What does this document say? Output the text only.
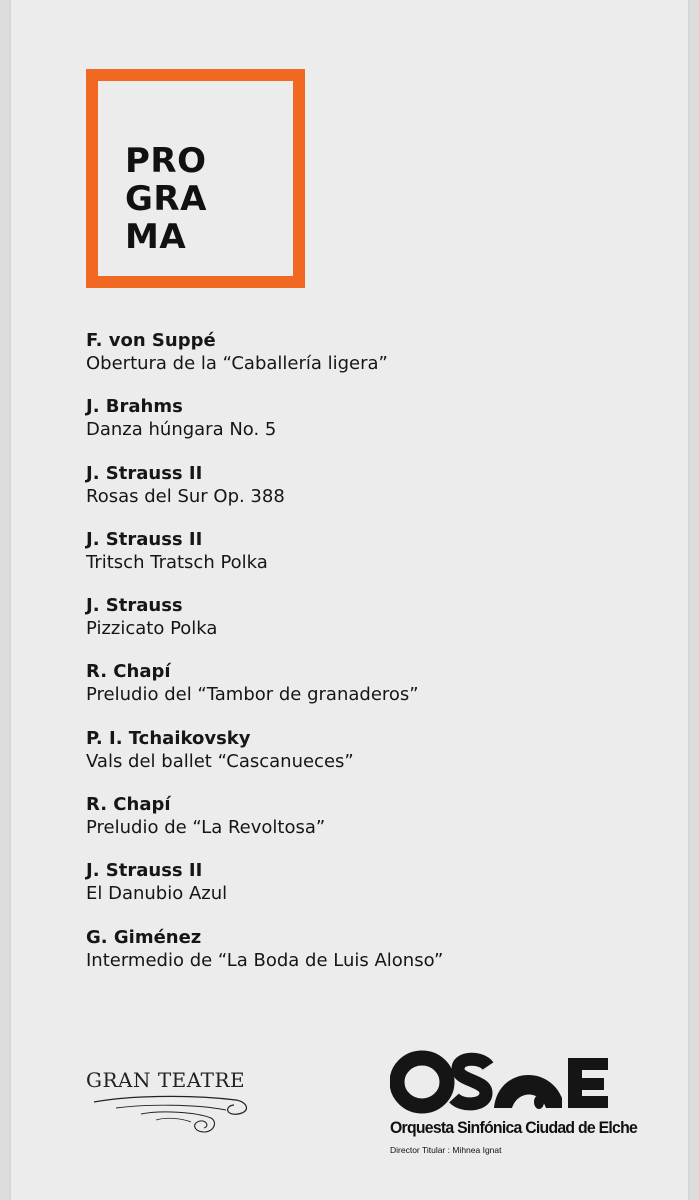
PRO
GRA
MA
F. von Suppé
Obertura de la “Caballería ligera”
J. Brahms
Danza húngara No. 5
J. Strauss II
Rosas del Sur Op. 388
J. Strauss II
Tritsch Tratsch Polka
J. Strauss
Pizzicato Polka
R. Chapí
Preludio del “Tambor de granaderos”
P. I. Tchaikovsky
Vals del ballet “Cascanueces”
R. Chapí
Preludio de “La Revoltosa”
J. Strauss II
El Danubio Azul
G. Giménez
Intermedio de “La Boda de Luis Alonso”
GRAN TEATRE
Orquesta Sinfónica Ciudad de Elche
Director Titular : Mihnea Ignat
